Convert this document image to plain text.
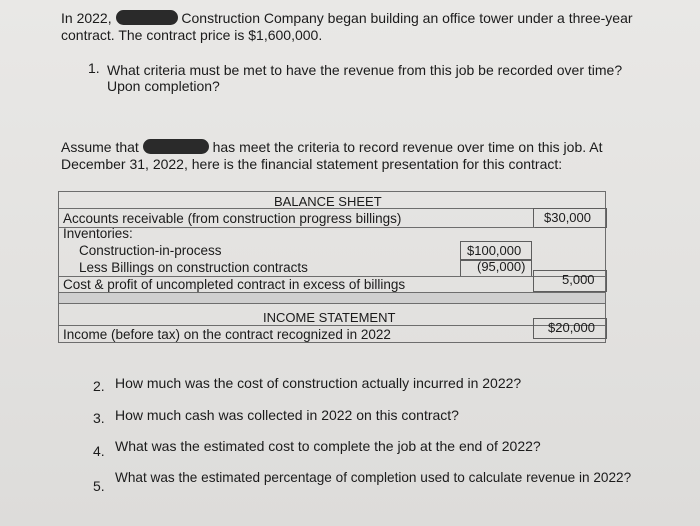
In 2022,	Construction Company began building an office tower under a three-year
contract. The contract price is $1,600,000.
1. What criteria must be met to have the revenue from this job be recorded over time?
Upon completion?
Assume that	has meet the criteria to record revenue over time on this job. At
December 31, 2022, here is the financial statement presentation for this contract:
BALANCE SHEET
Accounts receivable (from construction progress billings)	$30,000
Inventories:
Construction-in-process	$100,000
Less Billings on construction contracts	(95,000)
Cost & profit of uncompleted contract in excess of billings	5,000
INCOME STATEMENT
Income (before tax) on the contract recognized in 2022	$20,000
2. How much was the cost of construction actually incurred in 2022?
3. How much cash was collected in 2022 on this contract?
4. What was the estimated cost to complete the job at the end of 2022?
5.
What was the estimated percentage of completion used to calculate revenue in 2022?
